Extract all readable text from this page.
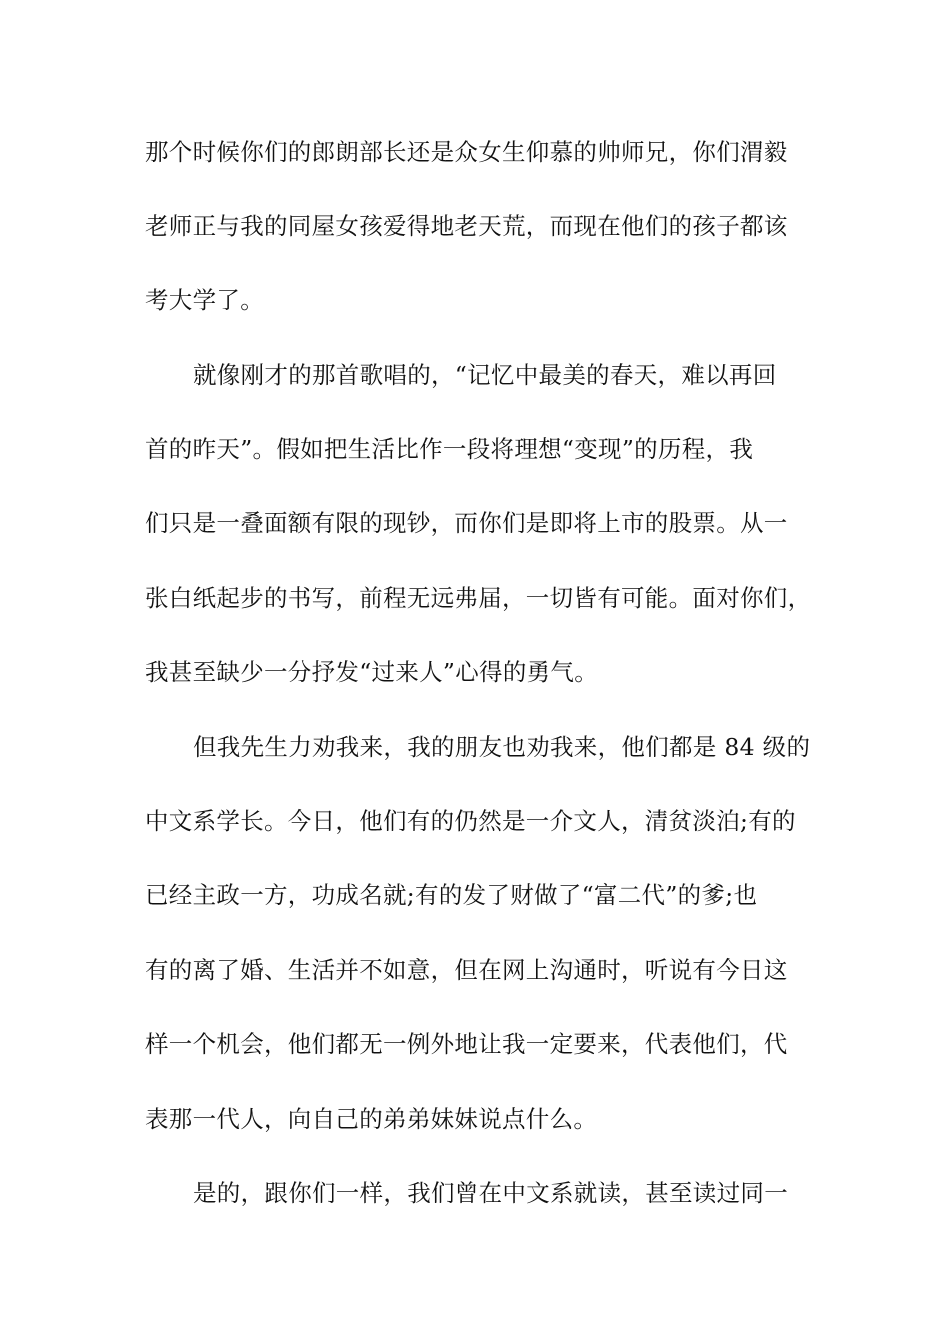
那个时候你们的郎朗部长还是众女生仰慕的帅师兄，你们渭毅
老师正与我的同屋女孩爱得地老天荒，而现在他们的孩子都该
考大学了。
就像刚才的那首歌唱的，“记忆中最美的春天，难以再回
首的昨天”。假如把生活比作一段将理想“变现”的历程，我
们只是一叠面额有限的现钞，而你们是即将上市的股票。从一
张白纸起步的书写，前程无远弗届，一切皆有可能。面对你们，
我甚至缺少一分抒发“过来人”心得的勇气。
但我先生力劝我来，我的朋友也劝我来，他们都是 84 级的
中文系学长。今日，他们有的仍然是一介文人，清贫淡泊;有的
已经主政一方，功成名就;有的发了财做了“富二代”的爹;也
有的离了婚、生活并不如意，但在网上沟通时，听说有今日这
样一个机会，他们都无一例外地让我一定要来，代表他们，代
表那一代人，向自己的弟弟妹妹说点什么。
是的，跟你们一样，我们曾在中文系就读，甚至读过同一
